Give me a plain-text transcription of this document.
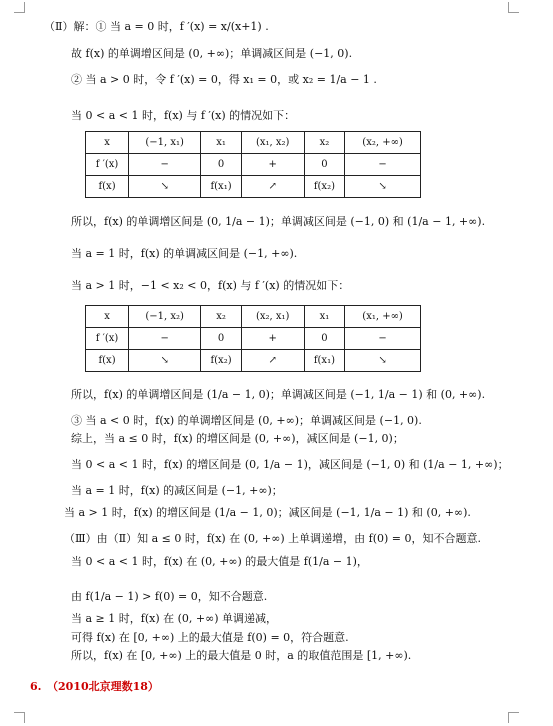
（Ⅱ）解：① 当 a = 0 时，f ′(x) = x/(x+1) .
故 f(x) 的单调增区间是 (0, +∞)；单调减区间是 (−1, 0).
② 当 a > 0 时，令 f ′(x) = 0，得 x₁ = 0，或 x₂ = 1/a − 1 .
当 0 < a < 1 时，f(x) 与 f ′(x) 的情况如下：
x	(−1, x₁)	x₁	(x₁, x₂)	x₂	(x₂, +∞)
f ′(x)	−	0	+	0	−
f(x)	↘	f(x₁)	↗	f(x₂)	↘
所以，f(x) 的单调增区间是 (0, 1/a − 1)；单调减区间是 (−1, 0) 和 (1/a − 1, +∞).
当 a = 1 时，f(x) 的单调减区间是 (−1, +∞).
当 a > 1 时，−1 < x₂ < 0，f(x) 与 f ′(x) 的情况如下：
x	(−1, x₂)	x₂	(x₂, x₁)	x₁	(x₁, +∞)
f ′(x)	−	0	+	0	−
f(x)	↘	f(x₂)	↗	f(x₁)	↘
所以，f(x) 的单调增区间是 (1/a − 1, 0)；单调减区间是 (−1, 1/a − 1) 和 (0, +∞).
③ 当 a < 0 时，f(x) 的单调增区间是 (0, +∞)；单调减区间是 (−1, 0).
综上，当 a ≤ 0 时，f(x) 的增区间是 (0, +∞)，减区间是 (−1, 0)；
当 0 < a < 1 时，f(x) 的增区间是 (0, 1/a − 1)，减区间是 (−1, 0) 和 (1/a − 1, +∞)；
当 a = 1 时，f(x) 的减区间是 (−1, +∞)；
当 a > 1 时，f(x) 的增区间是 (1/a − 1, 0)；减区间是 (−1, 1/a − 1) 和 (0, +∞).
（Ⅲ）由（Ⅱ）知 a ≤ 0 时，f(x) 在 (0, +∞) 上单调递增，由 f(0) = 0，知不合题意.
当 0 < a < 1 时，f(x) 在 (0, +∞) 的最大值是 f(1/a − 1)，
由 f(1/a − 1) > f(0) = 0，知不合题意.
当 a ≥ 1 时，f(x) 在 (0, +∞) 单调递减，
可得 f(x) 在 [0, +∞) 上的最大值是 f(0) = 0，符合题意.
所以，f(x) 在 [0, +∞) 上的最大值是 0 时，a 的取值范围是 [1, +∞).
6.　（2010北京理数18）
